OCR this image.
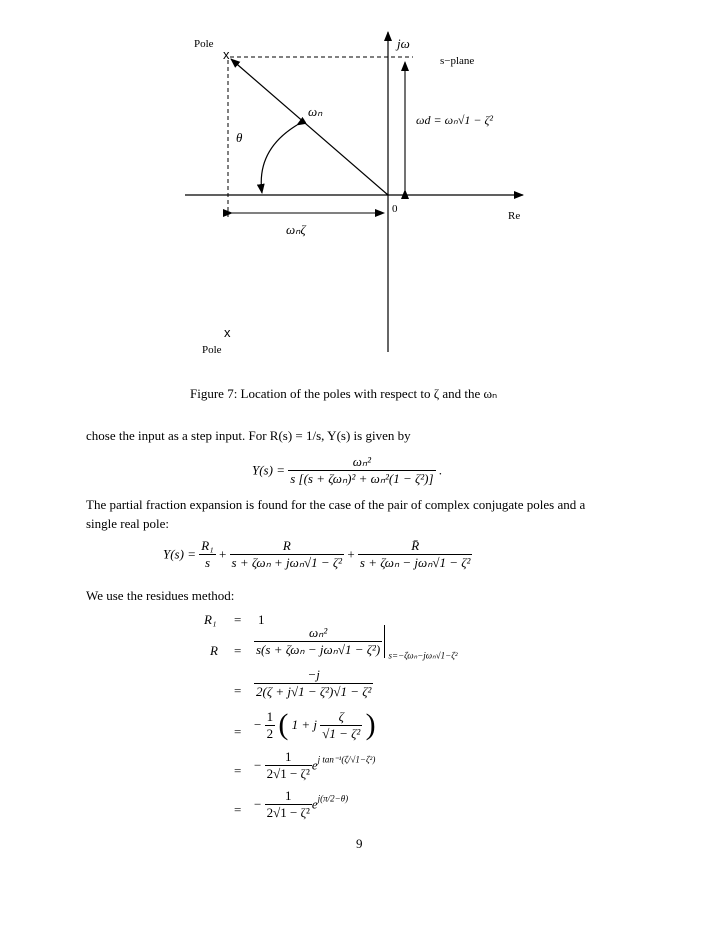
Pole
x
jω
s−plane
ωₙ
θ
ωd = ωₙ√1 − ζ²
0
Re
ωₙζ
x
Pole
Figure 7: Location of the poles with respect to ζ and the ωₙ
chose the input as a step input. For R(s) = 1/s, Y(s) is given by
$Y(s) = \frac{\text{ωₙ²}}{\text{s [(s + ζωₙ)² + ωₙ²(1 − ζ²)]}}$ .
The partial fraction expansion is found for the case of the pair of complex conjugate poles and a
single real pole:
$Y(s) = \frac{\text{R₁}}{s} + \frac{R}{\text{s + ζωₙ + jωₙ√1 − ζ²}} + \frac{R̄}{\text{s + ζωₙ − jωₙ√1 − ζ²}}$
We use the residues method:
R₁ = 1
$R = \frac{\text{ωₙ²}}{\text{s(s + ζωₙ − jωₙ√1 − ζ²)}} _{s=-\zeta\omega_n-j\omega_n√1-\zeta^2}$
= $\frac{-j}{\text{2(ζ + j√1 − ζ²)√1 − ζ²}}$
= − $\frac{1}{2}$ ( 1 + j $\frac{\zeta}{\text{√1 − ζ²}}$ )
= − $\frac{1}{\text{2√1 − ζ²}} e^{j tan^{-1}(\zeta/√1-\zeta^2)}$
= − $\frac{1}{\text{2√1 − ζ²}} e^{j(\pi/2-\theta)}$
9
